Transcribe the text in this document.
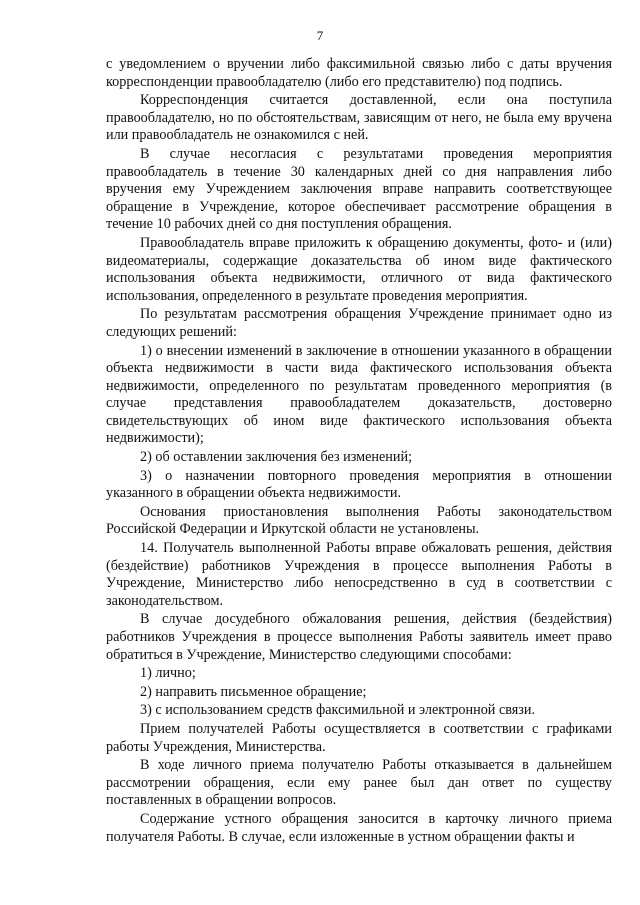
7

с уведомлением о вручении либо факсимильной связью либо с даты вручения корреспонденции правообладателю (либо его представителю) под подпись.

Корреспонденция считается доставленной, если она поступила правообладателю, но по обстоятельствам, зависящим от него, не была ему вручена или правообладатель не ознакомился с ней.

В случае несогласия с результатами проведения мероприятия правообладатель в течение 30 календарных дней со дня направления либо вручения ему Учреждением заключения вправе направить соответствующее обращение в Учреждение, которое обеспечивает рассмотрение обращения в течение 10 рабочих дней со дня поступления обращения.

Правообладатель вправе приложить к обращению документы, фото- и (или) видеоматериалы, содержащие доказательства об ином виде фактического использования объекта недвижимости, отличного от вида фактического использования, определенного в результате проведения мероприятия.

По результатам рассмотрения обращения Учреждение принимает одно из следующих решений:

1) о внесении изменений в заключение в отношении указанного в обращении объекта недвижимости в части вида фактического использования объекта недвижимости, определенного по результатам проведенного мероприятия (в случае представления правообладателем доказательств, достоверно свидетельствующих об ином виде фактического использования объекта недвижимости);

2) об оставлении заключения без изменений;

3) о назначении повторного проведения мероприятия в отношении указанного в обращении объекта недвижимости.

Основания приостановления выполнения Работы законодательством Российской Федерации и Иркутской области не установлены.

14. Получатель выполненной Работы вправе обжаловать решения, действия (бездействие) работников Учреждения в процессе выполнения Работы в Учреждение, Министерство либо непосредственно в суд в соответствии с законодательством.

В случае досудебного обжалования решения, действия (бездействия) работников Учреждения в процессе выполнения Работы заявитель имеет право обратиться в Учреждение, Министерство следующими способами:

1) лично;

2) направить письменное обращение;

3) с использованием средств факсимильной и электронной связи.

Прием получателей Работы осуществляется в соответствии с графиками работы Учреждения, Министерства.

В ходе личного приема получателю Работы отказывается в дальнейшем рассмотрении обращения, если ему ранее был дан ответ по существу поставленных в обращении вопросов.

Содержание устного обращения заносится в карточку личного приема получателя Работы. В случае, если изложенные в устном обращении факты и
